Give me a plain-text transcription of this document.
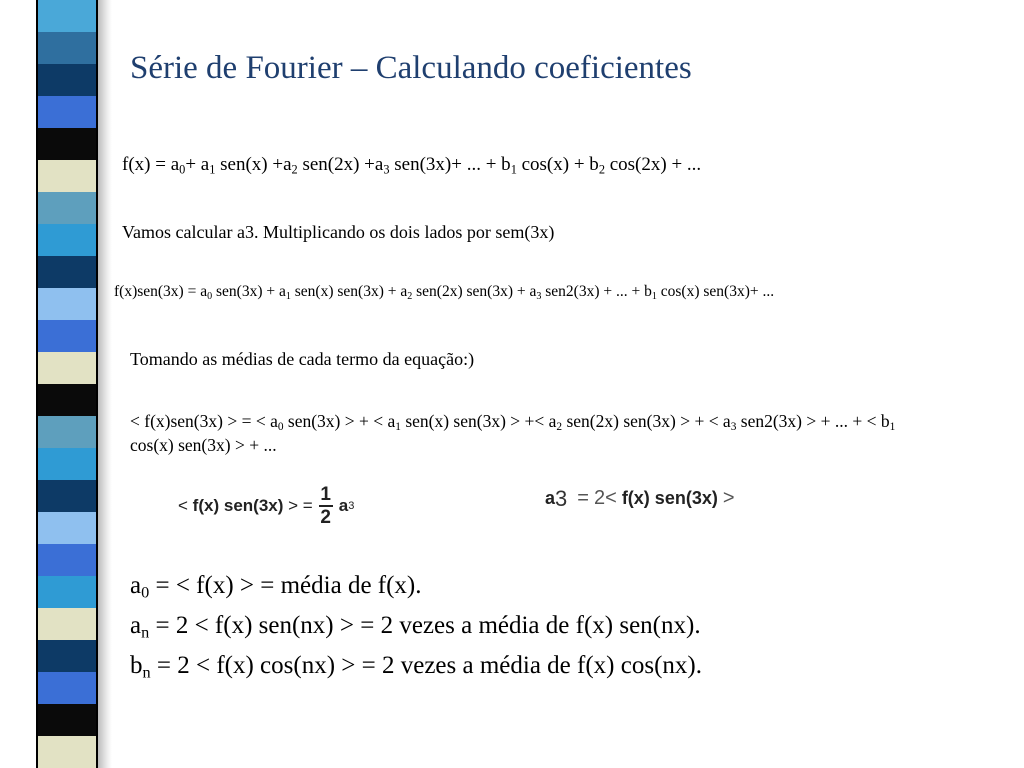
Série de Fourier – Calculando coeficientes
$f(x) = a_0+ a_1$ $sen(x) +a_2$ $sen(2x) +a_3$ sen(3x)+ ... + $b_1$ $\cos(x) + b_2$ cos(2x) + ...
Vamos calcular a3. Multiplicando os dois lados por sem(3x)
$f(x)sen(3x) = a_0$ $sen(3x) + a_1$ sen(x) $sen(3x) + a_2$ sen(2x) $sen(3x) + a_3$ sen2(3x) + ... + $b_1$ cos(x) sen(3x)+ ...
Tomando as médias de cada termo da equação:)
< f(x)sen(3x) > = < $a_0$ sen(3x) > + < $a_1$ sen(x) sen(3x) > +< $a_2$ sen(2x) sen(3x) > + < $a_3$ sen2(3x) > + ... + < $b_1$ cos(x) sen(3x) > + ...
<
f(x)
sen(3x)
> = $\frac{1}{2}$ a 3	a 3
=
2 <
f(x) sen(3x)
>
$a_0$ = < f(x) > = média de f(x).
$a_n = 2 < f(x) sen(nx)$ > = 2 vezes a média de f(x) sen(nx).
$b_n = 2 < f(x) \cos(nx)$ > = 2 vezes a média de f(x) cos(nx).
